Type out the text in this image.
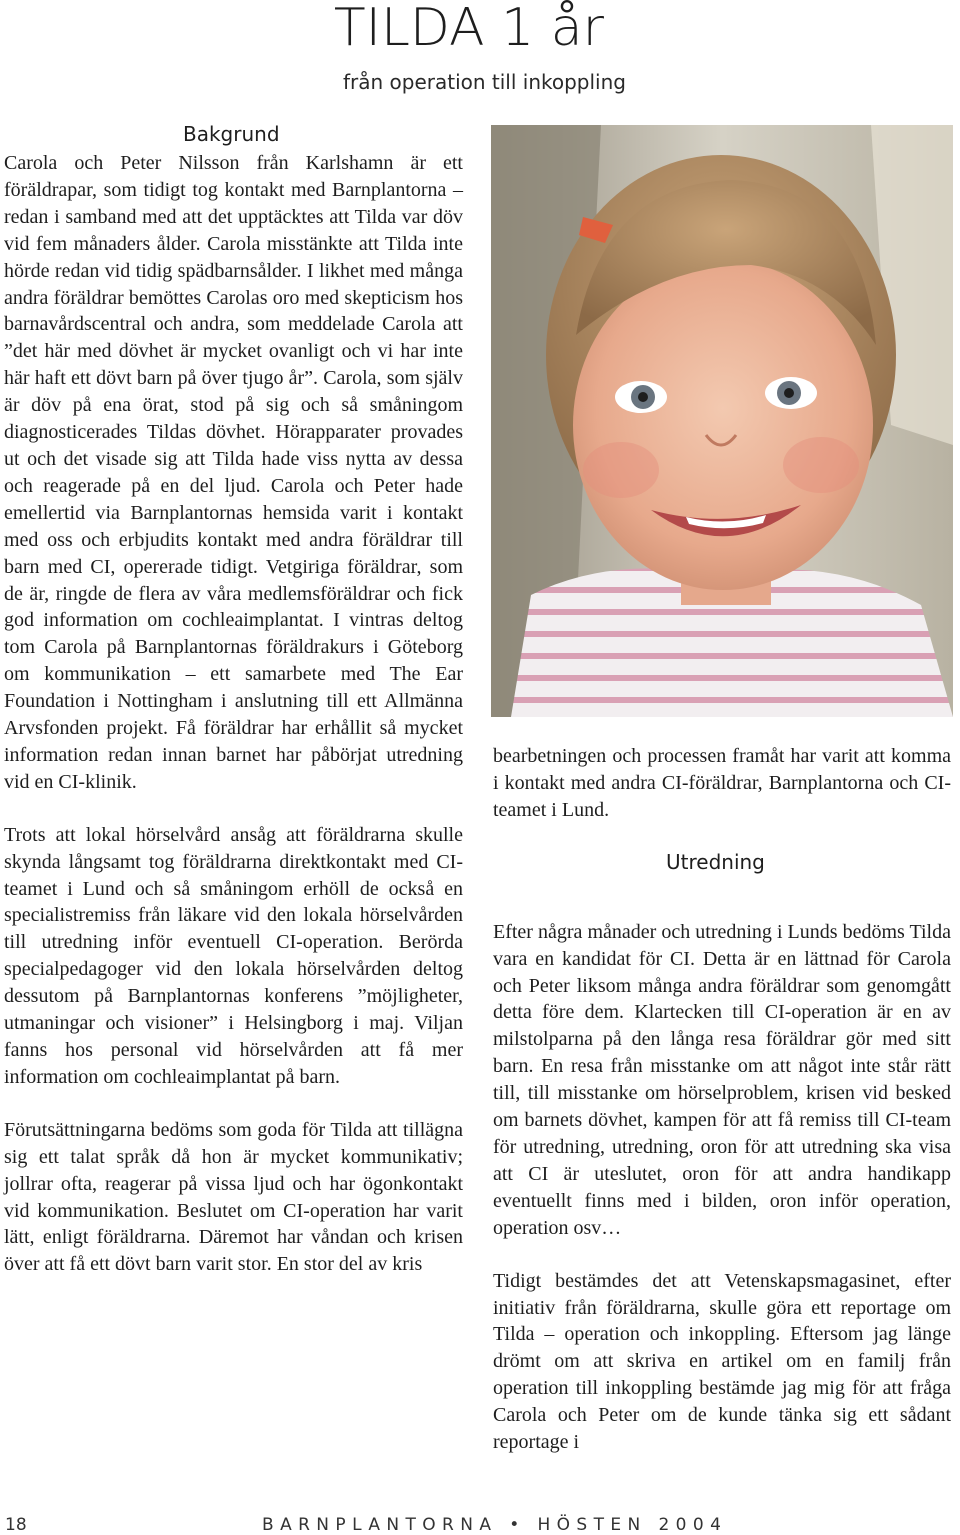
TILDA 1 år
från operation till inkoppling
Bakgrund

Carola och Peter Nilsson från Karlshamn är ett föräldrapar, som tidigt tog kontakt med Barnplantorna – redan i samband med att det upptäcktes att Tilda var döv vid fem månaders ålder. Carola misstänkte att Tilda inte hörde redan vid tidig spädbarnsålder. I likhet med många andra föräldrar bemöttes Carolas oro med skepticism hos barnavårdscentral och andra, som meddelade Carola att ”det här med dövhet är mycket ovanligt och vi har inte här haft ett dövt barn på över tjugo år”. Carola, som själv är döv på ena örat, stod på sig och så småningom diagnosticerades Tildas dövhet. Hörapparater provades ut och det visade sig att Tilda hade viss nytta av dessa och reagerade på en del ljud. Carola och Peter hade emellertid via Barnplantornas hemsida varit i kontakt med oss och erbjudits kontakt med andra föräldrar till barn med CI, opererade tidigt. Vetgiriga föräldrar, som de är, ringde de flera av våra medlemsföräldrar och fick god information om cochleaimplantat. I vintras deltog tom Carola på Barnplantornas föräldrakurs i Göteborg om kommunikation – ett samarbete med The Ear Foundation i Nottingham i anslutning till ett Allmänna Arvsfonden projekt. Få föräldrar har erhållit så mycket information redan innan barnet har påbörjat utredning vid en CI-klinik.

Trots att lokal hörselvård ansåg att föräldrarna skulle skynda långsamt tog föräldrarna direktkontakt med CI-teamet i Lund och så småningom erhöll de också en specialistremiss från läkare vid den lokala hörselvården till utredning inför eventuell CI-operation. Berörda specialpedagoger vid den lokala hörselvården deltog dessutom på Barnplantornas konferens ”möjligheter, utmaningar och visioner” i Helsingborg i maj. Viljan fanns hos personal vid hörselvården att få mer information om cochleaimplantat på barn.

Förutsättningarna bedöms som goda för Tilda att tillägna sig ett talat språk då hon är mycket kommunikativ; jollrar ofta, reagerar på vissa ljud och har ögonkontakt vid kommunikation. Beslutet om CI-operation har varit lätt, enligt föräldrarna. Däremot har våndan och krisen över att få ett dövt barn varit stor. En stor del av kris

bearbetningen och processen framåt har varit att komma i kontakt med andra CI-föräldrar, Barnplantorna och CI-teamet i Lund.

Efter några månader och utredning i Lunds bedöms Tilda vara en kandidat för CI. Detta är en lättnad för Carola och Peter liksom många andra föräldrar som genomgått detta före dem. Klartecken till CI-operation är en av milstolparna på den långa resa föräldrar gör med sitt barn. En resa från misstanke om att något inte står rätt till, till misstanke om hörselproblem, krisen vid besked om barnets dövhet, kampen för att få remiss till CI-team för utredning, utredning, oron för att utredning ska visa att CI är uteslutet, oron för att andra handikapp eventuellt finns med i bilden, oron inför operation, operation osv…

Tidigt bestämdes det att Vetenskapsmagasinet, efter initiativ från föräldrarna, skulle göra ett reportage om Tilda – operation och inkoppling. Eftersom jag länge drömt om att skriva en artikel om en familj från operation till inkoppling bestämde jag mig för att fråga Carola och Peter om de kunde tänka sig ett sådant reportage i

Utredning
18	BARNPLANTORNA • HÖSTEN 2004
